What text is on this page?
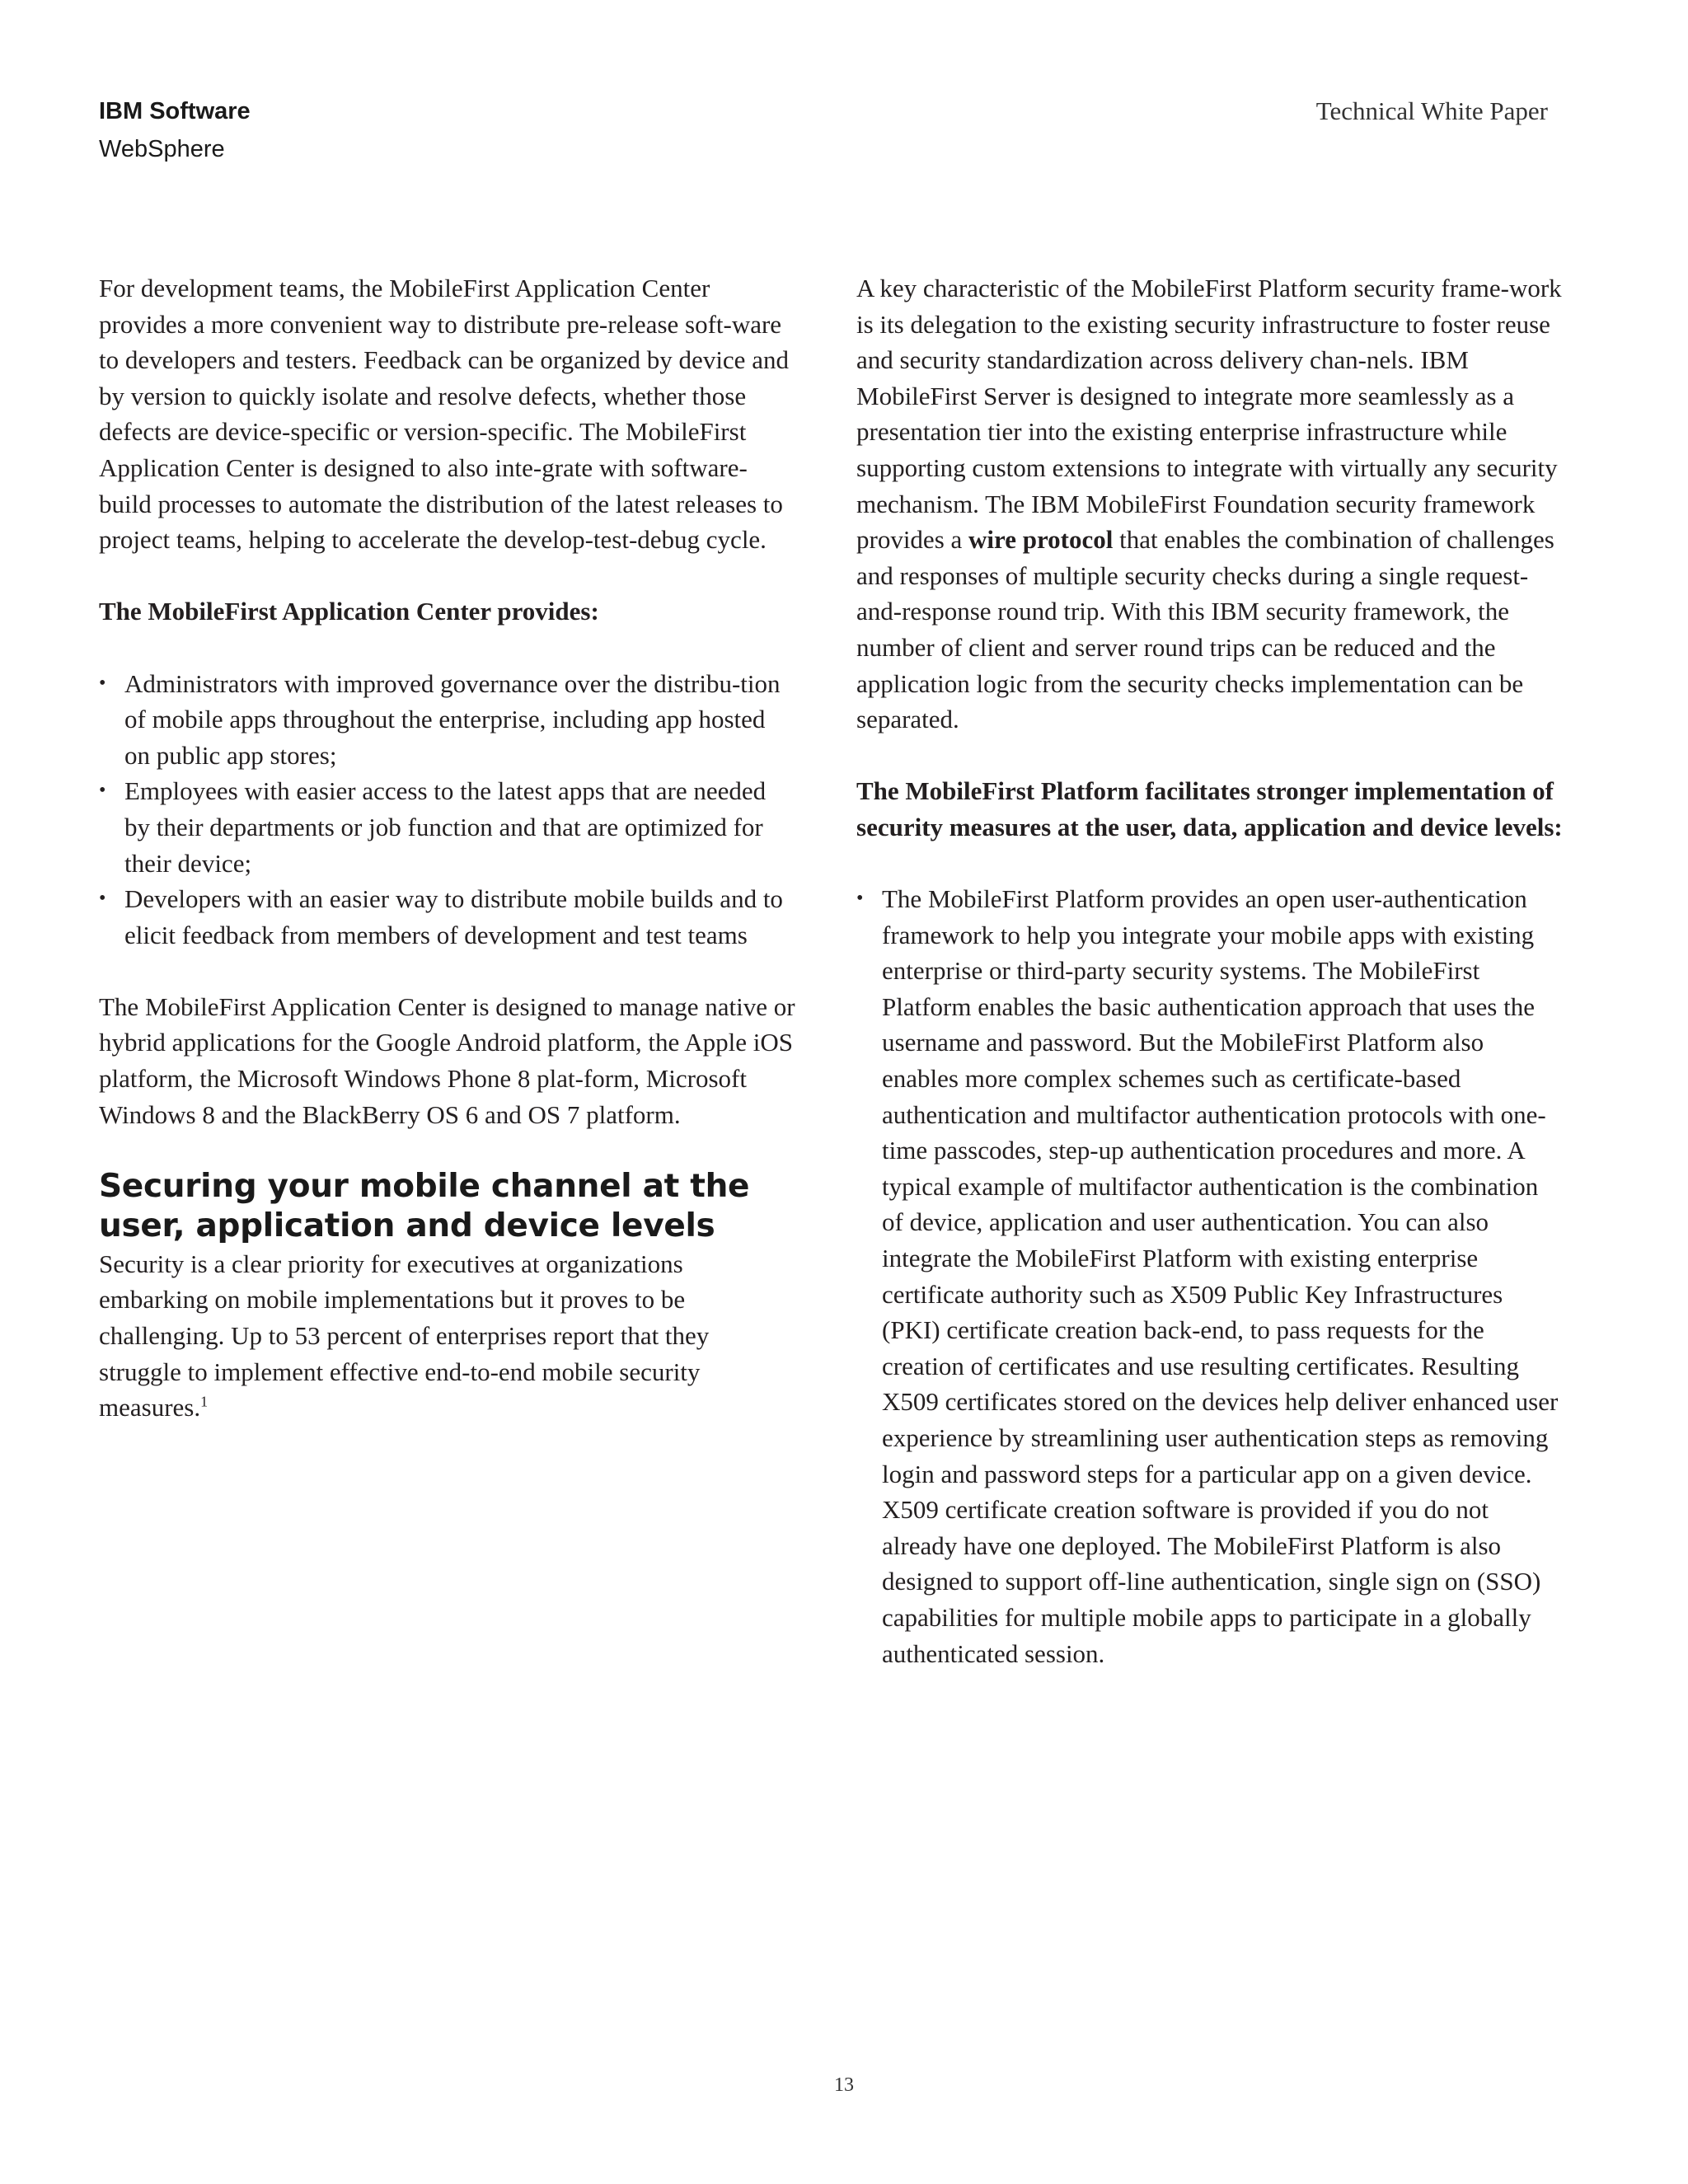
IBM Software
WebSphere
Technical White Paper

For development teams, the MobileFirst Application Center provides a more convenient way to distribute pre-release soft-ware to developers and testers. Feedback can be organized by device and by version to quickly isolate and resolve defects, whether those defects are device-specific or version-specific. The MobileFirst Application Center is designed to also inte-grate with software-build processes to automate the distribution of the latest releases to project teams, helping to accelerate the develop-test-debug cycle.

The MobileFirst Application Center provides:

• Administrators with improved governance over the distribu-tion of mobile apps throughout the enterprise, including app hosted on public app stores;
• Employees with easier access to the latest apps that are needed by their departments or job function and that are optimized for their device;
• Developers with an easier way to distribute mobile builds and to elicit feedback from members of development and test teams

The MobileFirst Application Center is designed to manage native or hybrid applications for the Google Android platform, the Apple iOS platform, the Microsoft Windows Phone 8 plat-form, Microsoft Windows 8 and the BlackBerry OS 6 and OS 7 platform.

Securing your mobile channel at the user, application and device levels

Security is a clear priority for executives at organizations embarking on mobile implementations but it proves to be challenging. Up to 53 percent of enterprises report that they struggle to implement effective end-to-end mobile security measures.$^1$

A key characteristic of the MobileFirst Platform security frame-work is its delegation to the existing security infrastructure to foster reuse and security standardization across delivery chan-nels. IBM MobileFirst Server is designed to integrate more seamlessly as a presentation tier into the existing enterprise infrastructure while supporting custom extensions to integrate with virtually any security mechanism. The IBM MobileFirst Foundation security framework provides a wire protocol that enables the combination of challenges and responses of multiple security checks during a single request-and-response round trip. With this IBM security framework, the number of client and server round trips can be reduced and the application logic from the security checks implementation can be separated.

The MobileFirst Platform facilitates stronger implementation of security measures at the user, data, application and device levels:

• The MobileFirst Platform provides an open user-authentication framework to help you integrate your mobile apps with existing enterprise or third-party security systems. The MobileFirst Platform enables the basic authentication approach that uses the username and password. But the MobileFirst Platform also enables more complex schemes such as certificate-based authentication and multifactor authentication protocols with one-time passcodes, step-up authentication procedures and more. A typical example of multifactor authentication is the combination of device, application and user authentication. You can also integrate the MobileFirst Platform with existing enterprise certificate authority such as X509 Public Key Infrastructures (PKI) certificate creation back-end, to pass requests for the creation of certificates and use resulting certificates. Resulting X509 certificates stored on the devices help deliver enhanced user experience by streamlining user authentication steps as removing login and password steps for a particular app on a given device. X509 certificate creation software is provided if you do not already have one deployed. The MobileFirst Platform is also designed to support off-line authentication, single sign on (SSO) capabilities for multiple mobile apps to participate in a globally authenticated session.
13
